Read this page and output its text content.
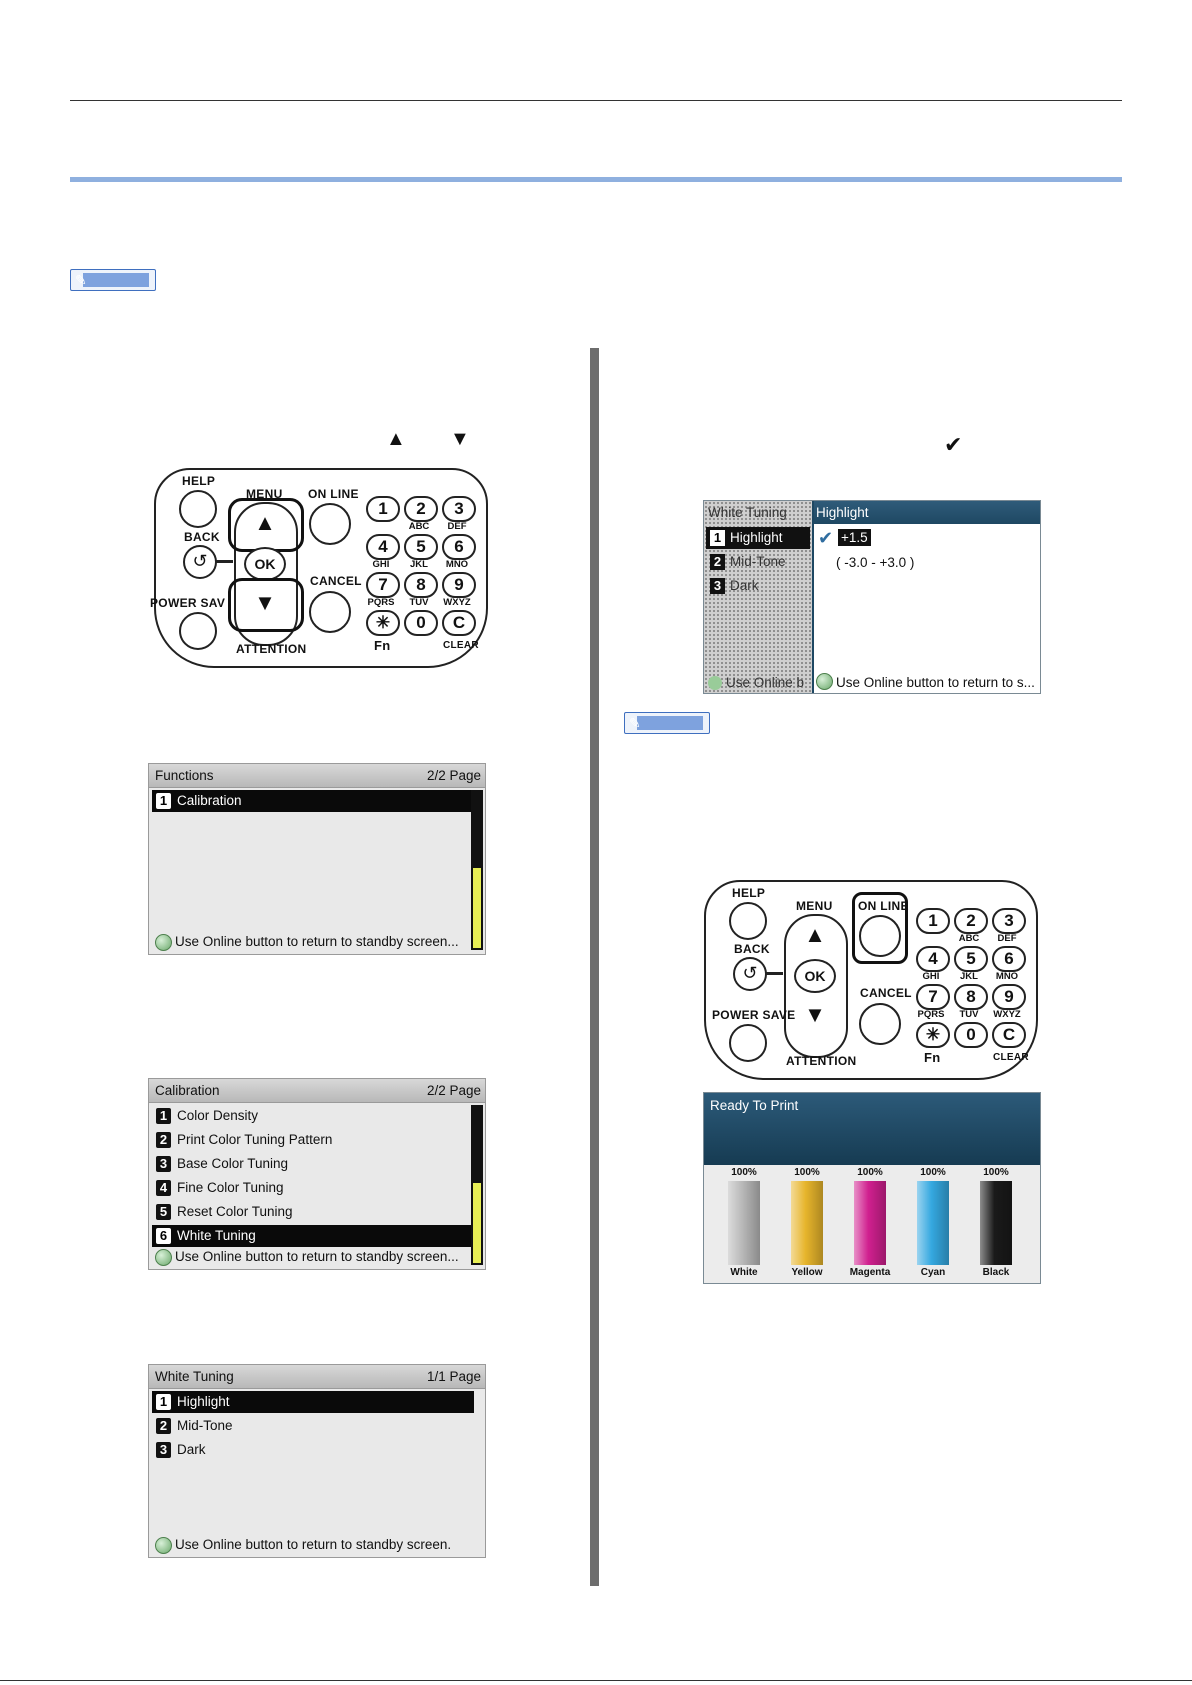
✎
✎
▲ ▼	✔
HELP
MENU ON LINE
BACK
↺
▲
OK
▼
CANCEL
POWER SAV
ATTENTION
1	2	3
ABC	DEF
4	5	6
GHI	JKL	MNO
7	8	9
PQRS	TUV	WXYZ
✳	0	C
Fn	CLEAR
Functions	2/2 Page
1 Calibration
Use Online button to return to standby screen...
Calibration	2/2 Page
1 Color Density
2 Print Color Tuning Pattern
3 Base Color Tuning
4 Fine Color Tuning
5 Reset Color Tuning
6 White Tuning
Use Online button to return to standby screen...
White Tuning	1/1 Page
1 Highlight
2 Mid-Tone
3 Dark
Use Online button to return to standby screen.
White Tuning
1 Highlight
2 Mid-Tone
3 Dark
Use Online b
Highlight
✔ +1.5
( -3.0 - +3.0 )
Use Online button to return to s...
HELP
MENU ON LINE
BACK
↺
▲
OK
▼
CANCEL
POWER SAVE
ATTENTION
1	2	3
ABC	DEF
4	5	6
GHI	JKL	MNO
7	8	9
PQRS	TUV	WXYZ
✳	0	C
Fn	CLEAR
Ready To Print
100%
White
100%
Yellow
100%
Magenta
100%
Cyan
100%
Black
